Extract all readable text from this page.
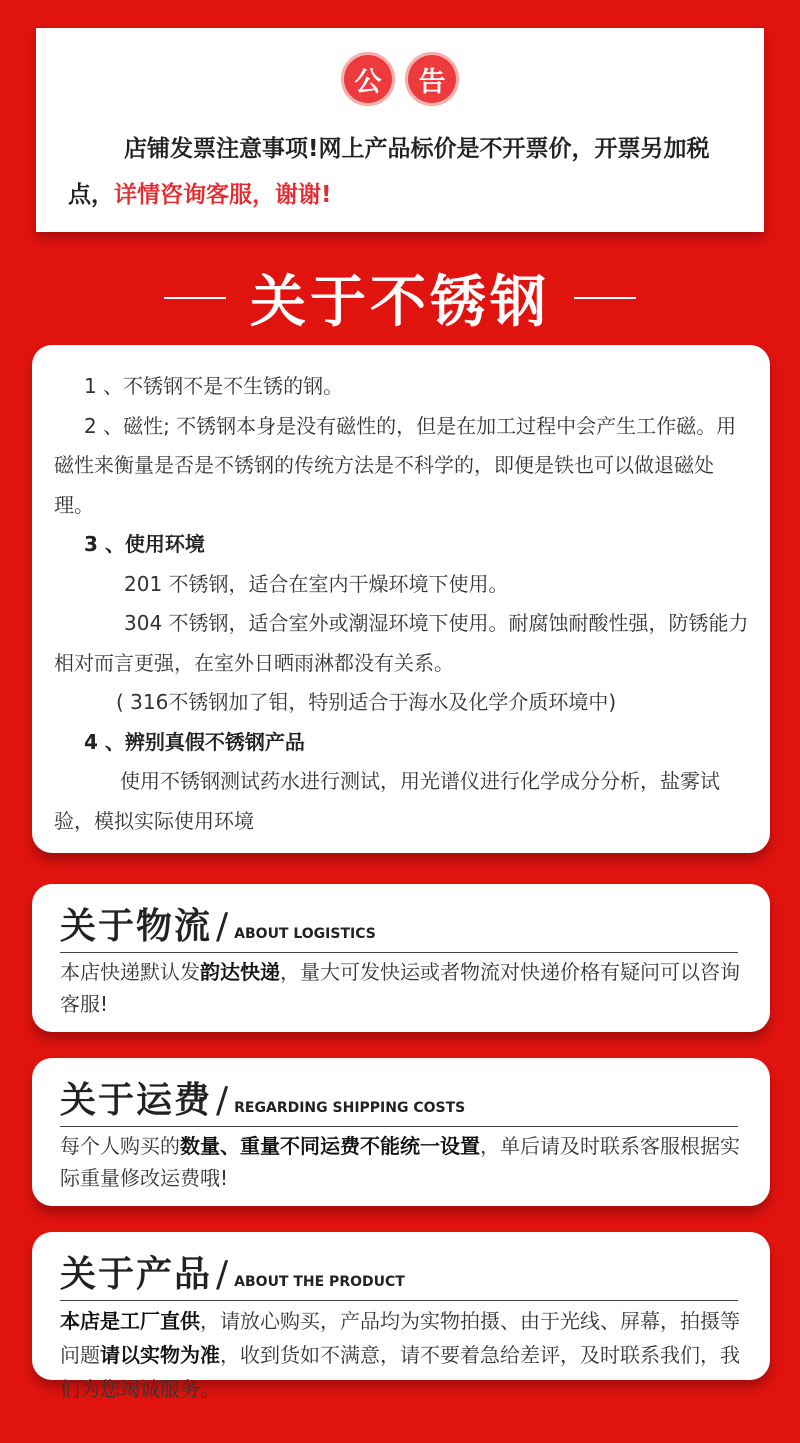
公	告
店铺发票注意事项!网上产品标价是不开票价，开票另加税点，详情咨询客服，谢谢!
关于不锈钢

1 、不锈钢不是不生锈的钢。

2 、磁性; 不锈钢本身是没有磁性的，但是在加工过程中会产生工作磁。用磁性来衡量是否是不锈钢的传统方法是不科学的，即便是铁也可以做退磁处理。

3 、使用环境

201 不锈钢，适合在室内干燥环境下使用。

304 不锈钢，适合室外或潮湿环境下使用。耐腐蚀耐酸性强，防锈能力相对而言更强，在室外日晒雨淋都没有关系。

( 316不锈钢加了钼，特别适合于海水及化学介质环境中)

4 、辨别真假不锈钢产品

使用不锈钢测试药水进行测试，用光谱仪进行化学成分分析，盐雾试验，模拟实际使用环境

关于物流 / ABOUT LOGISTICS
本店快递默认发韵达快递，量大可发快运或者物流对快递价格有疑问可以咨询客服!
关于运费 / REGARDING SHIPPING COSTS
每个人购买的数量、重量不同运费不能统一设置，单后请及时联系客服根据实际重量修改运费哦!
关于产品 / ABOUT THE PRODUCT
本店是工厂直供，请放心购买，产品均为实物拍摄、由于光线、屏幕，拍摄等问题请以实物为准，收到货如不满意，请不要着急给差评，及时联系我们，我们为您竭诚服务。
